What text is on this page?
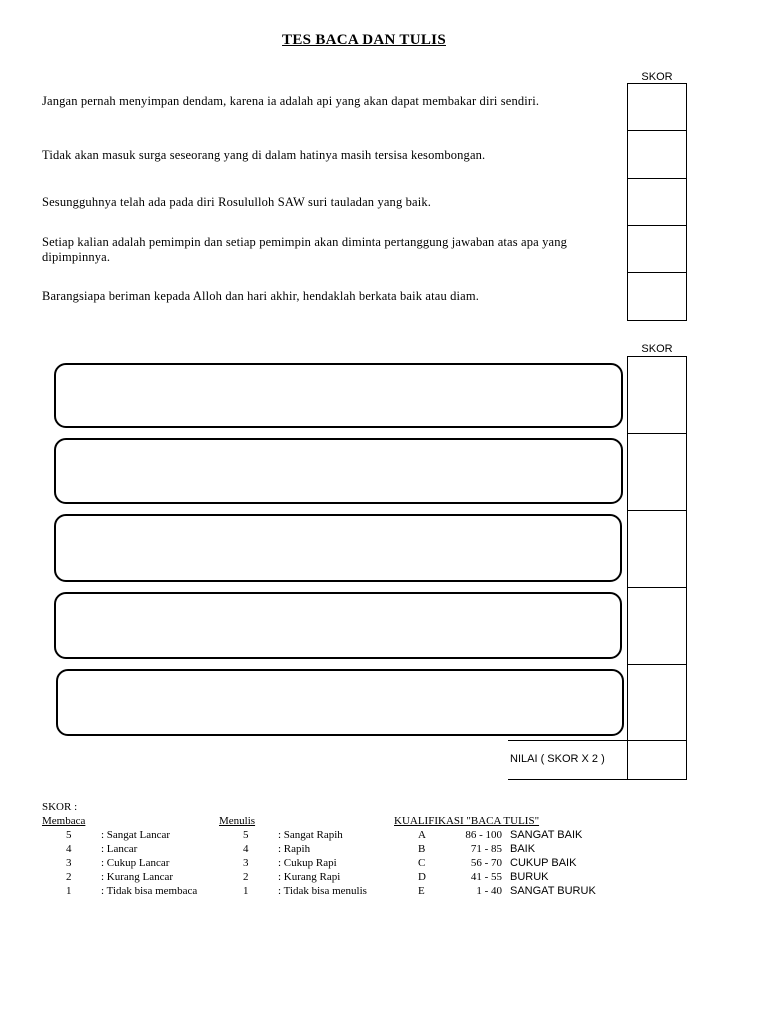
TES BACA DAN TULIS
SKOR
Jangan pernah menyimpan dendam, karena ia adalah api yang akan dapat membakar diri sendiri.
Tidak akan masuk surga seseorang yang di dalam hatinya masih tersisa kesombongan.
Sesungguhnya telah ada pada diri Rosululloh SAW suri tauladan yang baik.
Setiap kalian adalah pemimpin dan setiap pemimpin akan diminta pertanggung jawaban atas apa yang dipimpinnya.
Barangsiapa beriman kepada Alloh dan hari akhir, hendaklah berkata baik atau diam.
SKOR
NILAI ( SKOR X 2 )
SKOR :
Membaca
5	: Sangat Lancar
4	: Lancar
3	: Cukup Lancar
2	: Kurang Lancar
1	: Tidak bisa membaca
Menulis
5	: Sangat Rapih
4	: Rapih
3	: Cukup Rapi
2	: Kurang Rapi
1	: Tidak bisa menulis
KUALIFIKASI "BACA TULIS"
A	86 - 100 SANGAT BAIK
B	71 - 85 BAIK
C	56 - 70 CUKUP BAIK
D	41 - 55 BURUK
E	1 - 40 SANGAT BURUK
